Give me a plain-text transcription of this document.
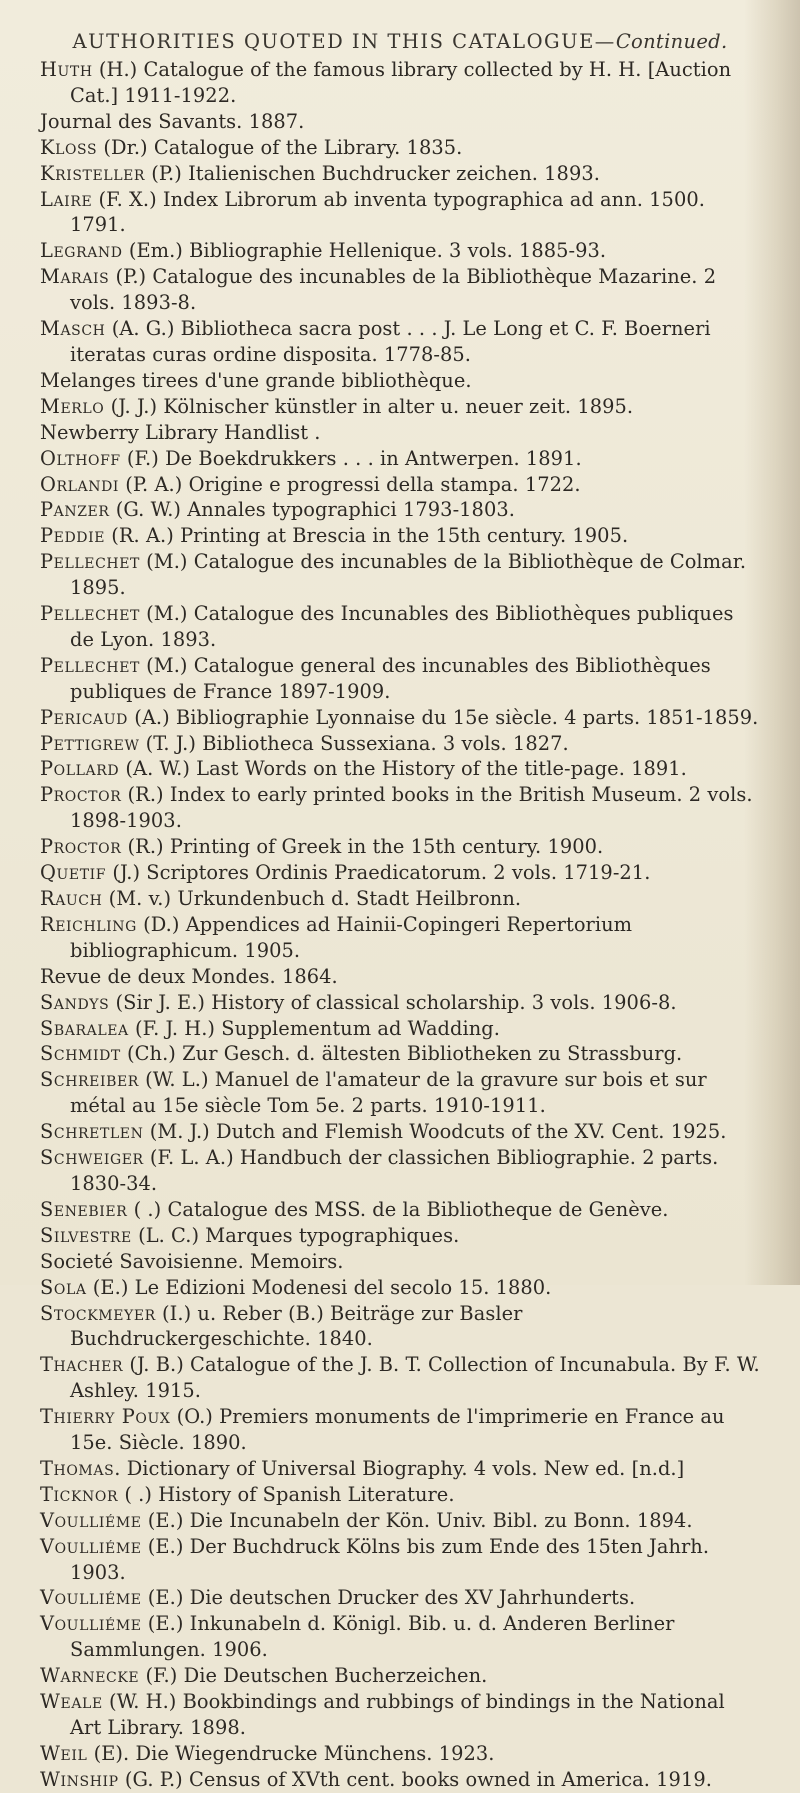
AUTHORITIES QUOTED IN THIS CATALOGUE—Continued.
Huth (H.) Catalogue of the famous library collected by H. H. [Auction Cat.] 1911-1922.
Journal des Savants. 1887.
Kloss (Dr.) Catalogue of the Library. 1835.
Kristeller (P.) Italienischen Buchdrucker zeichen. 1893.
Laire (F. X.) Index Librorum ab inventa typographica ad ann. 1500. 1791.
Legrand (Em.) Bibliographie Hellenique. 3 vols. 1885-93.
Marais (P.) Catalogue des incunables de la Bibliothèque Mazarine. 2 vols. 1893-8.
Masch (A. G.) Bibliotheca sacra post . . . J. Le Long et C. F. Boerneri iteratas curas ordine disposita. 1778-85.
Melanges tirees d'une grande bibliothèque.
Merlo (J. J.) Kölnischer künstler in alter u. neuer zeit. 1895.
Newberry Library Handlist .
Olthoff (F.) De Boekdrukkers . . . in Antwerpen. 1891.
Orlandi (P. A.) Origine e progressi della stampa. 1722.
Panzer (G. W.) Annales typographici 1793-1803.
Peddie (R. A.) Printing at Brescia in the 15th century. 1905.
Pellechet (M.) Catalogue des incunables de la Bibliothèque de Colmar. 1895.
Pellechet (M.) Catalogue des Incunables des Bibliothèques publiques de Lyon. 1893.
Pellechet (M.) Catalogue general des incunables des Bibliothèques publiques de France 1897-1909.
Pericaud (A.) Bibliographie Lyonnaise du 15e siècle. 4 parts. 1851-1859.
Pettigrew (T. J.) Bibliotheca Sussexiana. 3 vols. 1827.
Pollard (A. W.) Last Words on the History of the title-page. 1891.
Proctor (R.) Index to early printed books in the British Museum. 2 vols. 1898-1903.
Proctor (R.) Printing of Greek in the 15th century. 1900.
Quetif (J.) Scriptores Ordinis Praedicatorum. 2 vols. 1719-21.
Rauch (M. v.) Urkundenbuch d. Stadt Heilbronn.
Reichling (D.) Appendices ad Hainii-Copingeri Repertorium bibliographicum. 1905.
Revue de deux Mondes. 1864.
Sandys (Sir J. E.) History of classical scholarship. 3 vols. 1906-8.
Sbaralea (F. J. H.) Supplementum ad Wadding.
Schmidt (Ch.) Zur Gesch. d. ältesten Bibliotheken zu Strassburg.
Schreiber (W. L.) Manuel de l'amateur de la gravure sur bois et sur métal au 15e siècle Tom 5e. 2 parts. 1910-1911.
Schretlen (M. J.) Dutch and Flemish Woodcuts of the XV. Cent. 1925.
Schweiger (F. L. A.) Handbuch der classichen Bibliographie. 2 parts. 1830-34.
Senebier ( .) Catalogue des MSS. de la Bibliotheque de Genève.
Silvestre (L. C.) Marques typographiques.
Societé Savoisienne. Memoirs.
Sola (E.) Le Edizioni Modenesi del secolo 15. 1880.
Stockmeyer (I.) u. Reber (B.) Beiträge zur Basler Buchdruckergeschichte. 1840.
Thacher (J. B.) Catalogue of the J. B. T. Collection of Incunabula. By F. W. Ashley. 1915.
Thierry Poux (O.) Premiers monuments de l'imprimerie en France au 15e. Siècle. 1890.
Thomas. Dictionary of Universal Biography. 4 vols. New ed. [n.d.]
Ticknor ( .) History of Spanish Literature.
Voulliéme (E.) Die Incunabeln der Kön. Univ. Bibl. zu Bonn. 1894.
Voulliéme (E.) Der Buchdruck Kölns bis zum Ende des 15ten Jahrh. 1903.
Voulliéme (E.) Die deutschen Drucker des XV Jahrhunderts.
Voulliéme (E.) Inkunabeln d. Königl. Bib. u. d. Anderen Berliner Sammlungen. 1906.
Warnecke (F.) Die Deutschen Bucherzeichen.
Weale (W. H.) Bookbindings and rubbings of bindings in the National Art Library. 1898.
Weil (E). Die Wiegendrucke Münchens. 1923.
Winship (G. P.) Census of XVth cent. books owned in America. 1919.
